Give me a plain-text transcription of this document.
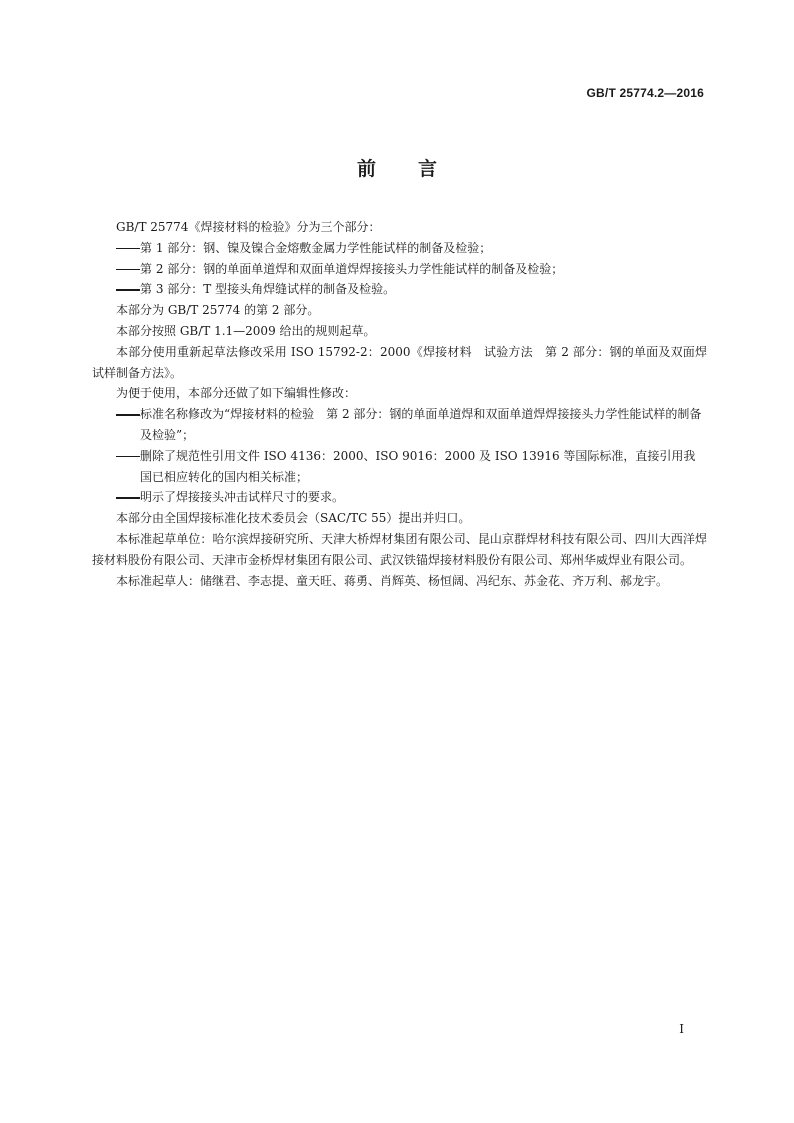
GB/T 25774.2—2016
前 言

GB/T 25774《焊接材料的检验》分为三个部分：

第 1 部分：钢、镍及镍合金熔敷金属力学性能试样的制备及检验；
第 2 部分：钢的单面单道焊和双面单道焊焊接接头力学性能试样的制备及检验；
第 3 部分：T 型接头角焊缝试样的制备及检验。

本部分为 GB/T 25774 的第 2 部分。

本部分按照 GB/T 1.1—2009 给出的规则起草。

本部分使用重新起草法修改采用 ISO 15792-2：2000《焊接材料　试验方法　第 2 部分：钢的单面及双面焊试样制备方法》。

为便于使用，本部分还做了如下编辑性修改：

标准名称修改为“焊接材料的检验　第 2 部分：钢的单面单道焊和双面单道焊焊接接头力学性能试样的制备及检验”；
删除了规范性引用文件 ISO 4136：2000、ISO 9016：2000 及 ISO 13916 等国际标准，直接引用我国已相应转化的国内相关标准；
明示了焊接接头冲击试样尺寸的要求。

本部分由全国焊接标准化技术委员会（SAC/TC 55）提出并归口。

本标准起草单位：哈尔滨焊接研究所、天津大桥焊材集团有限公司、昆山京群焊材科技有限公司、四川大西洋焊接材料股份有限公司、天津市金桥焊材集团有限公司、武汉铁锚焊接材料股份有限公司、郑州华威焊业有限公司。

本标准起草人：储继君、李志提、童天旺、蒋勇、肖辉英、杨恒阔、冯纪东、苏金花、齐万利、郝龙宇。

I
